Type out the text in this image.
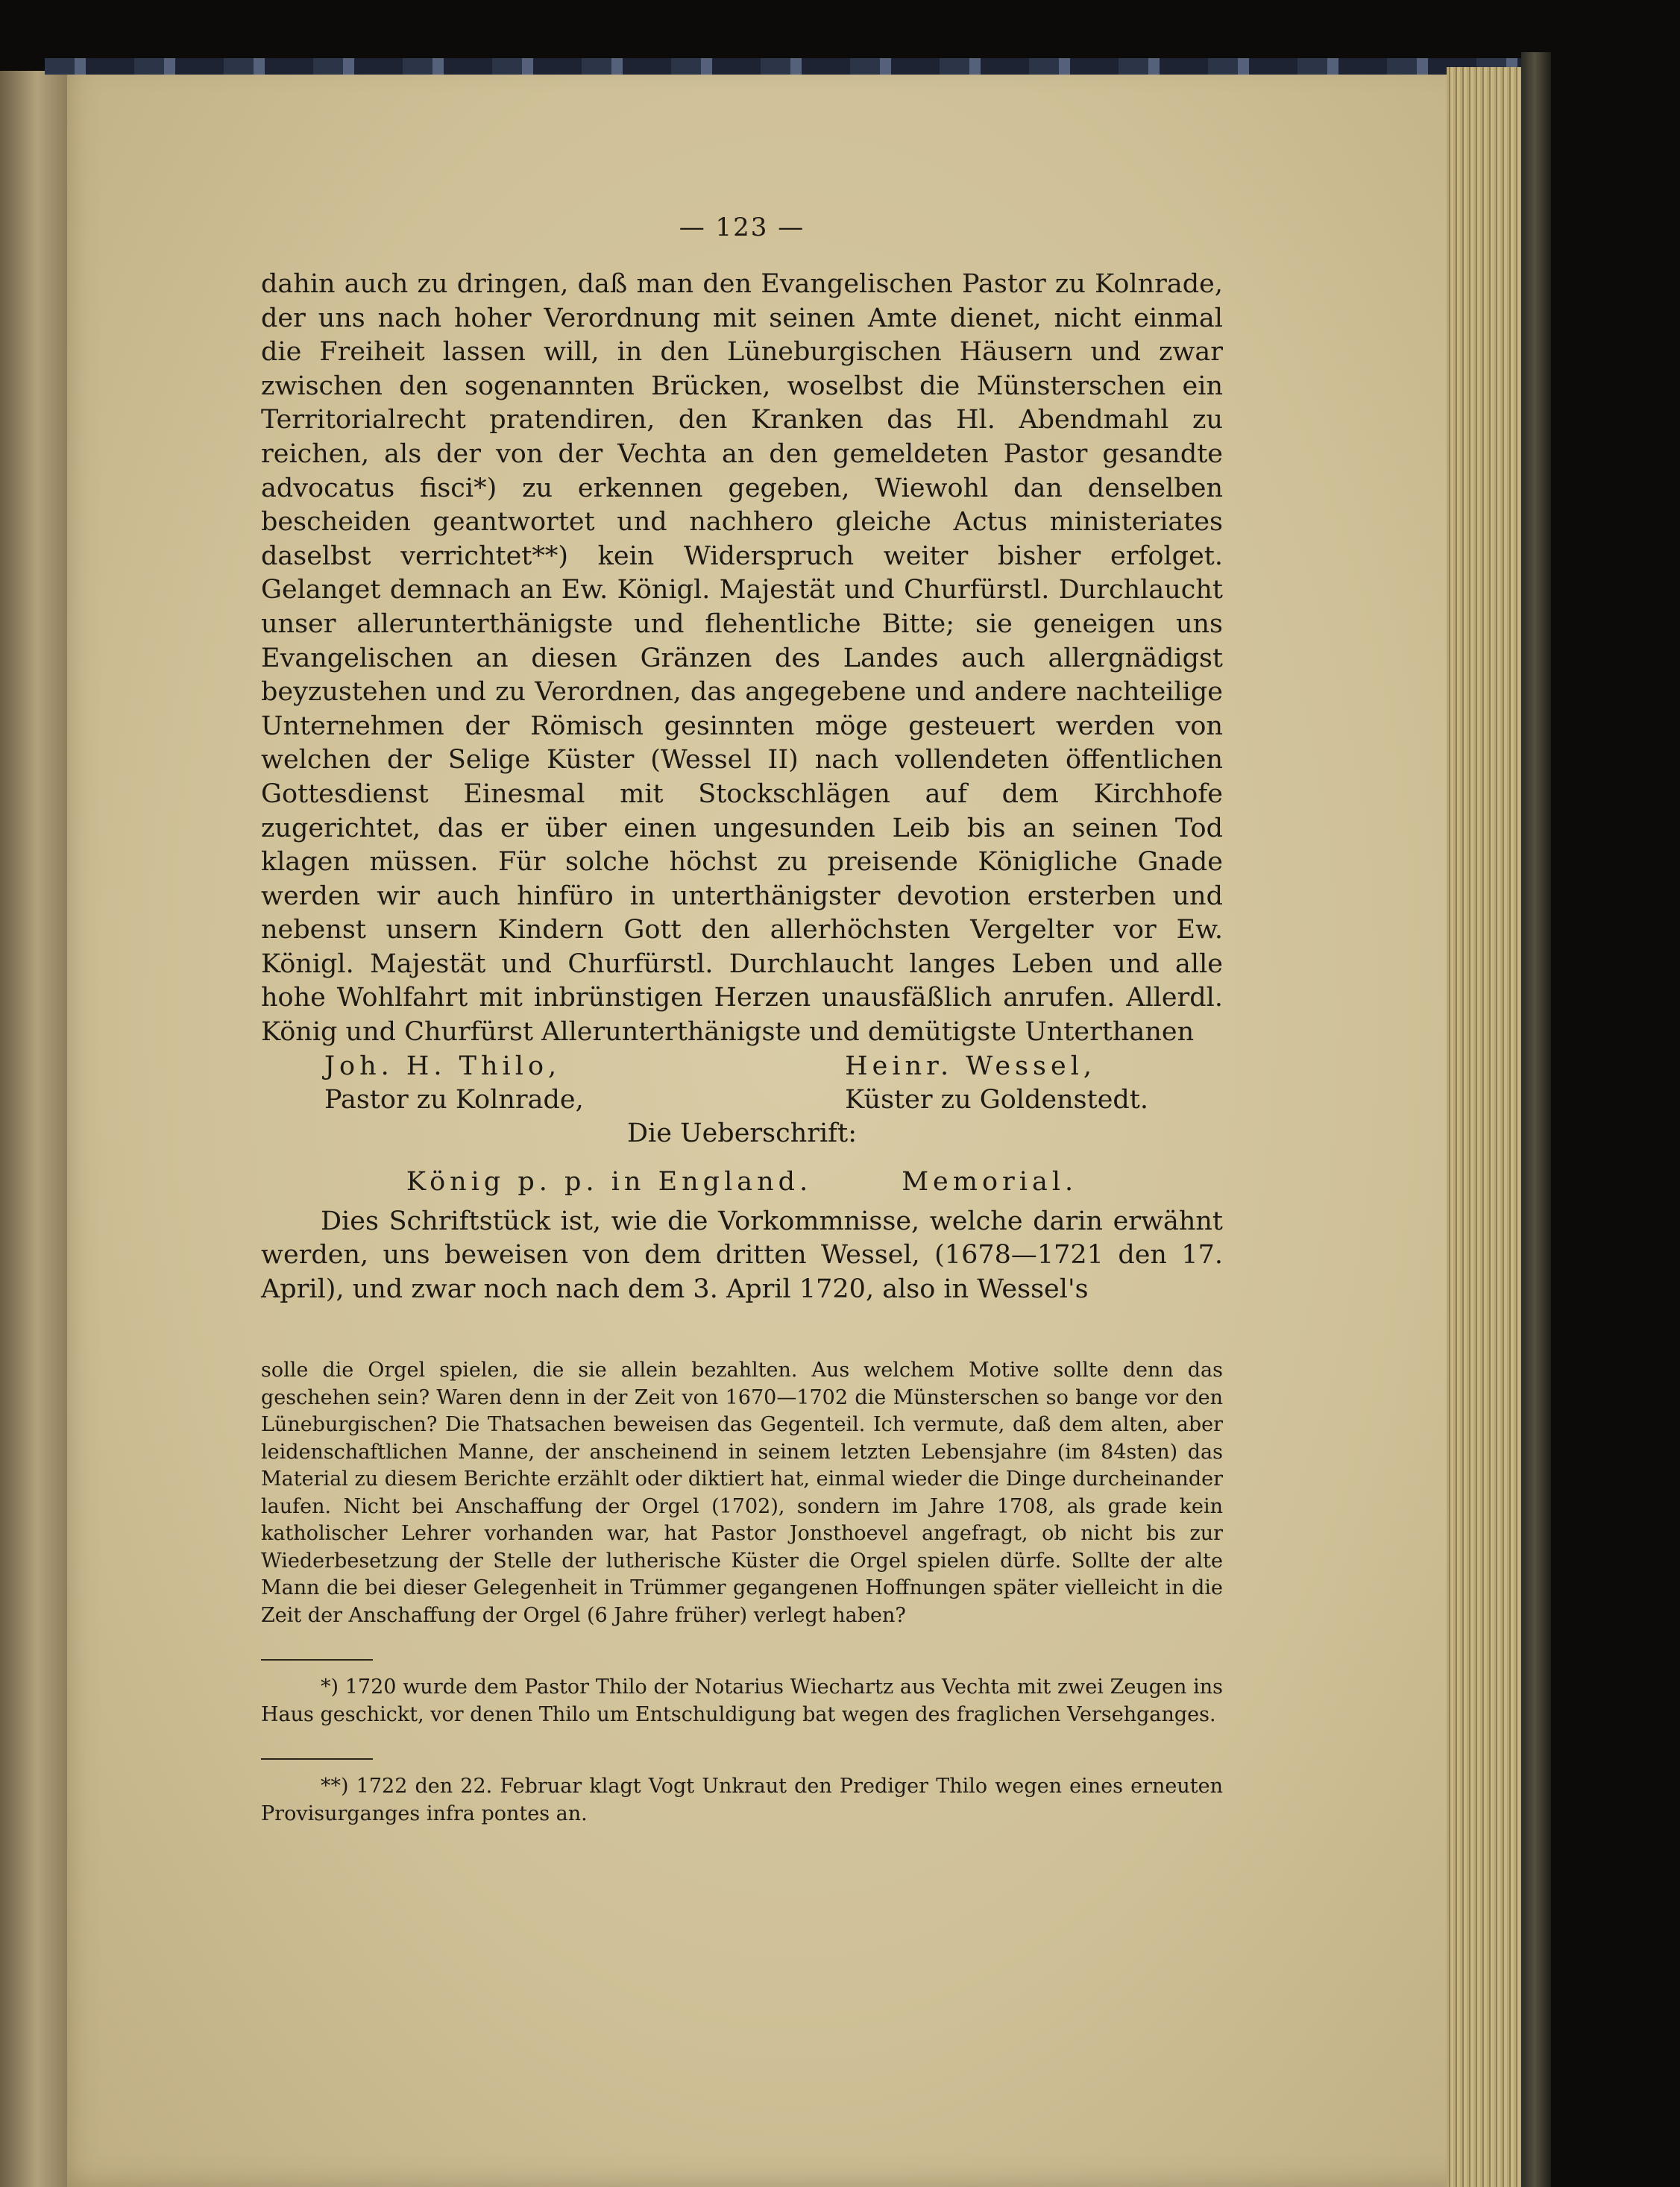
— 123 —

dahin auch zu dringen, daß man den Evangelischen Pastor zu Kolnrade, der uns nach hoher Verordnung mit seinen Amte dienet, nicht einmal die Freiheit lassen will, in den Lüneburgischen Häusern und zwar zwischen den sogenannten Brücken, woselbst die Münsterschen ein Territorialrecht pratendiren, den Kranken das Hl. Abendmahl zu reichen, als der von der Vechta an den gemeldeten Pastor gesandte advocatus fisci*) zu erkennen gegeben, Wiewohl dan denselben bescheiden geantwortet und nachhero gleiche Actus ministeriates daselbst verrichtet**) kein Widerspruch weiter bisher erfolget. Gelanget demnach an Ew. Königl. Majestät und Churfürstl. Durchlaucht unser allerunterthänigste und flehentliche Bitte; sie geneigen uns Evangelischen an diesen Gränzen des Landes auch allergnädigst beyzustehen und zu Verordnen, das angegebene und andere nachteilige Unternehmen der Römisch gesinnten möge gesteuert werden von welchen der Selige Küster (Wessel II) nach vollendeten öffentlichen Gottesdienst Einesmal mit Stockschlägen auf dem Kirchhofe zugerichtet, das er über einen ungesunden Leib bis an seinen Tod klagen müssen. Für solche höchst zu preisende Königliche Gnade werden wir auch hinfüro in unterthänigster devotion ersterben und nebenst unsern Kindern Gott den allerhöchsten Vergelter vor Ew. Königl. Majestät und Churfürstl. Durchlaucht langes Leben und alle hohe Wohlfahrt mit inbrünstigen Herzen unausfäßlich anrufen. Allerdl. König und Churfürst Allerunterthänigste und demütigste Unterthanen

Joh. H. Thilo,
Pastor zu Kolnrade,
Heinr. Wessel,
Küster zu Goldenstedt.
Die Ueberschrift:
König p. p. in England.	Memorial.
Dies Schriftstück ist, wie die Vorkommnisse, welche darin erwähnt werden, uns beweisen von dem dritten Wessel, (1678—1721 den 17. April), und zwar noch nach dem 3. April 1720, also in Wessel's

solle die Orgel spielen, die sie allein bezahlten. Aus welchem Motive sollte denn das geschehen sein? Waren denn in der Zeit von 1670—1702 die Münsterschen so bange vor den Lüneburgischen? Die Thatsachen beweisen das Gegenteil. Ich vermute, daß dem alten, aber leidenschaftlichen Manne, der anscheinend in seinem letzten Lebensjahre (im 84sten) das Material zu diesem Berichte erzählt oder diktiert hat, einmal wieder die Dinge durcheinander laufen. Nicht bei Anschaffung der Orgel (1702), sondern im Jahre 1708, als grade kein katholischer Lehrer vorhanden war, hat Pastor Jonsthoevel angefragt, ob nicht bis zur Wiederbesetzung der Stelle der lutherische Küster die Orgel spielen dürfe. Sollte der alte Mann die bei dieser Gelegenheit in Trümmer gegangenen Hoffnungen später vielleicht in die Zeit der Anschaffung der Orgel (6 Jahre früher) verlegt haben?

*) 1720 wurde dem Pastor Thilo der Notarius Wiechartz aus Vechta mit zwei Zeugen ins Haus geschickt, vor denen Thilo um Entschuldigung bat wegen des fraglichen Versehganges.

**) 1722 den 22. Februar klagt Vogt Unkraut den Prediger Thilo wegen eines erneuten Provisurganges infra pontes an.
